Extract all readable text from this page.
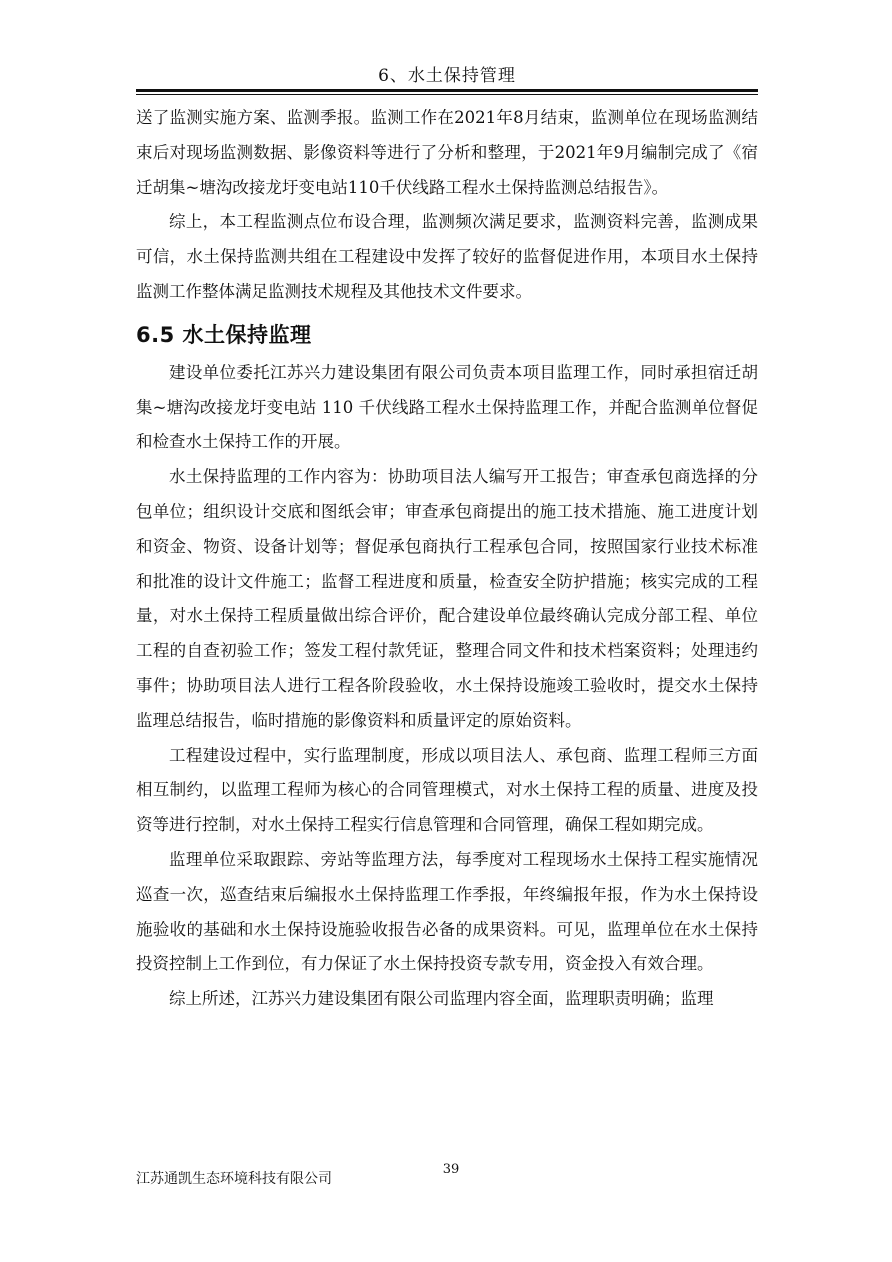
6、水土保持管理

送了监测实施方案、监测季报。监测工作在2021年8月结束，监测单位在现场监测结束后对现场监测数据、影像资料等进行了分析和整理，于2021年9月编制完成了《宿迁胡集~塘沟改接龙圩变电站110千伏线路工程水土保持监测总结报告》。

综上，本工程监测点位布设合理，监测频次满足要求，监测资料完善，监测成果可信，水土保持监测共组在工程建设中发挥了较好的监督促进作用，本项目水土保持监测工作整体满足监测技术规程及其他技术文件要求。

6.5 水土保持监理

建设单位委托江苏兴力建设集团有限公司负责本项目监理工作，同时承担宿迁胡集~塘沟改接龙圩变电站 110 千伏线路工程水土保持监理工作，并配合监测单位督促和检查水土保持工作的开展。

水土保持监理的工作内容为：协助项目法人编写开工报告；审查承包商选择的分包单位；组织设计交底和图纸会审；审查承包商提出的施工技术措施、施工进度计划和资金、物资、设备计划等；督促承包商执行工程承包合同，按照国家行业技术标准和批准的设计文件施工；监督工程进度和质量，检查安全防护措施；核实完成的工程量，对水土保持工程质量做出综合评价，配合建设单位最终确认完成分部工程、单位工程的自查初验工作；签发工程付款凭证，整理合同文件和技术档案资料；处理违约事件；协助项目法人进行工程各阶段验收，水土保持设施竣工验收时，提交水土保持监理总结报告，临时措施的影像资料和质量评定的原始资料。

工程建设过程中，实行监理制度，形成以项目法人、承包商、监理工程师三方面相互制约，以监理工程师为核心的合同管理模式，对水土保持工程的质量、进度及投资等进行控制，对水土保持工程实行信息管理和合同管理，确保工程如期完成。

监理单位采取跟踪、旁站等监理方法，每季度对工程现场水土保持工程实施情况巡查一次，巡查结束后编报水土保持监理工作季报，年终编报年报，作为水土保持设施验收的基础和水土保持设施验收报告必备的成果资料。可见，监理单位在水土保持投资控制上工作到位，有力保证了水土保持投资专款专用，资金投入有效合理。

综上所述，江苏兴力建设集团有限公司监理内容全面，监理职责明确；监理

39
江苏通凯生态环境科技有限公司
